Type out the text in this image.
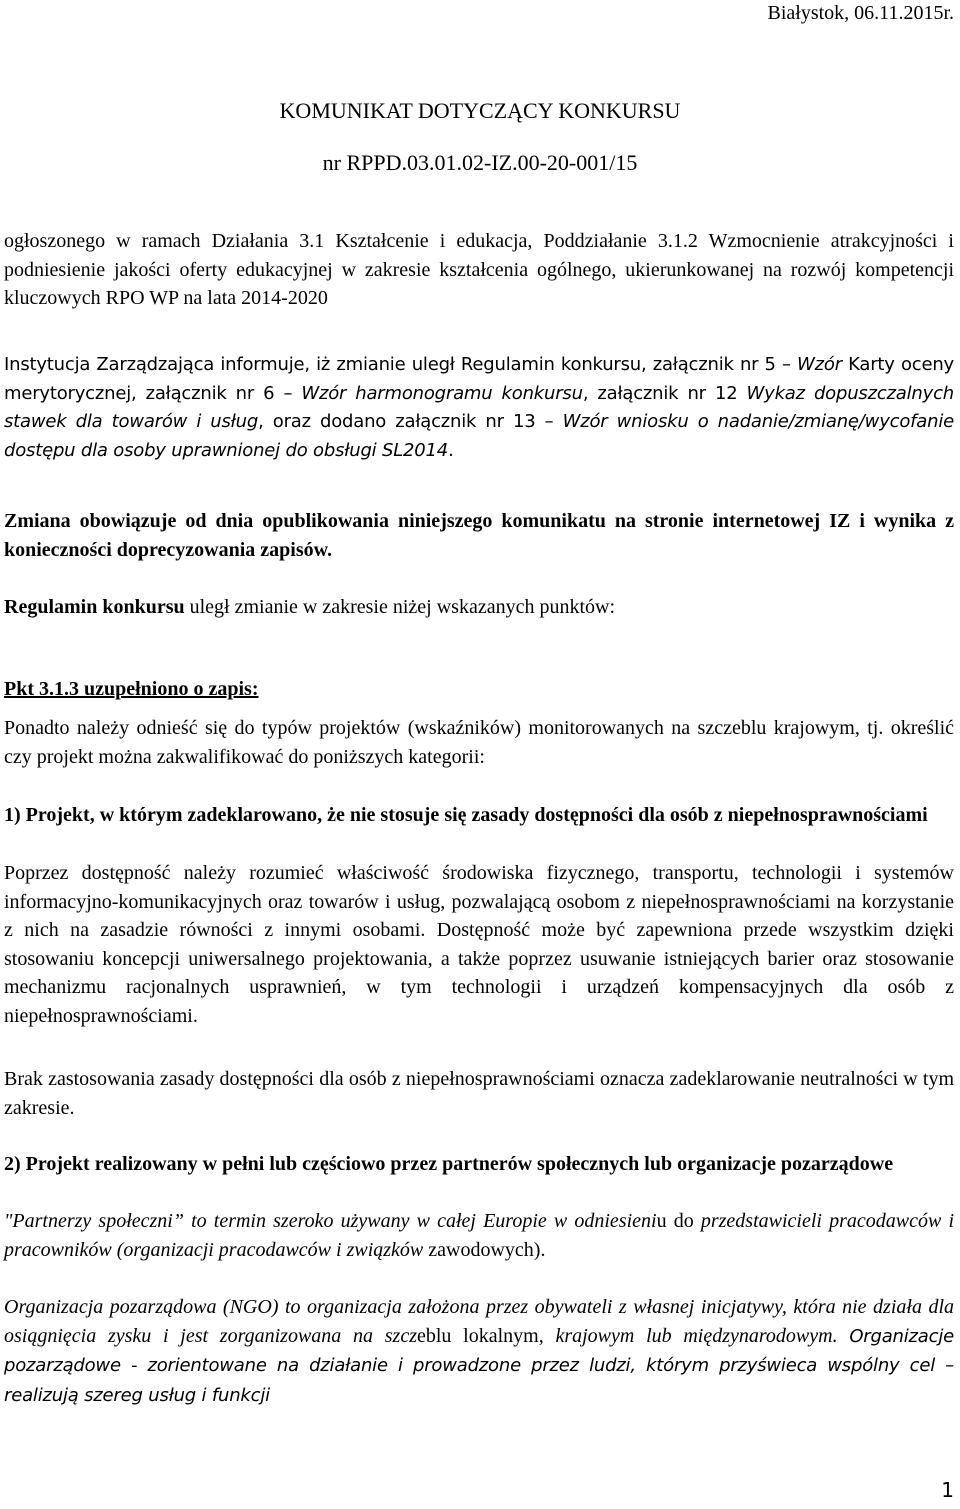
Białystok, 06.11.2015r.
KOMUNIKAT DOTYCZĄCY KONKURSU
nr RPPD.03.01.02-IZ.00-20-001/15
ogłoszonego w ramach Działania 3.1 Kształcenie i edukacja, Poddziałanie 3.1.2 Wzmocnienie atrakcyjności i podniesienie jakości oferty edukacyjnej w zakresie kształcenia ogólnego, ukierunkowanej na rozwój kompetencji kluczowych RPO WP na lata 2014-2020
Instytucja Zarządzająca informuje, iż zmianie uległ Regulamin konkursu, załącznik nr 5 – Wzór Karty oceny merytorycznej, załącznik nr 6 – Wzór harmonogramu konkursu, załącznik nr 12 Wykaz dopuszczalnych stawek dla towarów i usług, oraz dodano załącznik nr 13 – Wzór wniosku o nadanie/zmianę/wycofanie dostępu dla osoby uprawnionej do obsługi SL2014.
Zmiana obowiązuje od dnia opublikowania niniejszego komunikatu na stronie internetowej IZ i wynika z konieczności doprecyzowania zapisów.
Regulamin konkursu uległ zmianie w zakresie niżej wskazanych punktów:
Pkt 3.1.3 uzupełniono o zapis:
Ponadto należy odnieść się do typów projektów (wskaźników) monitorowanych na szczeblu krajowym, tj. określić czy projekt można zakwalifikować do poniższych kategorii:
1) Projekt, w którym zadeklarowano, że nie stosuje się zasady dostępności dla osób z niepełnosprawnościami
Poprzez dostępność należy rozumieć właściwość środowiska fizycznego, transportu, technologii i systemów informacyjno-komunikacyjnych oraz towarów i usług, pozwalającą osobom z niepełnosprawnościami na korzystanie z nich na zasadzie równości z innymi osobami. Dostępność może być zapewniona przede wszystkim dzięki stosowaniu koncepcji uniwersalnego projektowania, a także poprzez usuwanie istniejących barier oraz stosowanie mechanizmu racjonalnych usprawnień, w tym technologii i urządzeń kompensacyjnych dla osób z niepełnosprawnościami.
Brak zastosowania zasady dostępności dla osób z niepełnosprawnościami oznacza zadeklarowanie neutralności w tym zakresie.
2) Projekt realizowany w pełni lub częściowo przez partnerów społecznych lub organizacje pozarządowe
"Partnerzy społeczni” to termin szeroko używany w całej Europie w odniesieniu do przedstawicieli pracodawców i pracowników (organizacji pracodawców i związków zawodowych).
Organizacja pozarządowa (NGO) to organizacja założona przez obywateli z własnej inicjatywy, która nie działa dla osiągnięcia zysku i jest zorganizowana na szczeblu lokalnym, krajowym lub międzynarodowym. Organizacje pozarządowe - zorientowane na działanie i prowadzone przez ludzi, którym przyświeca wspólny cel – realizują szereg usług i funkcji
1
